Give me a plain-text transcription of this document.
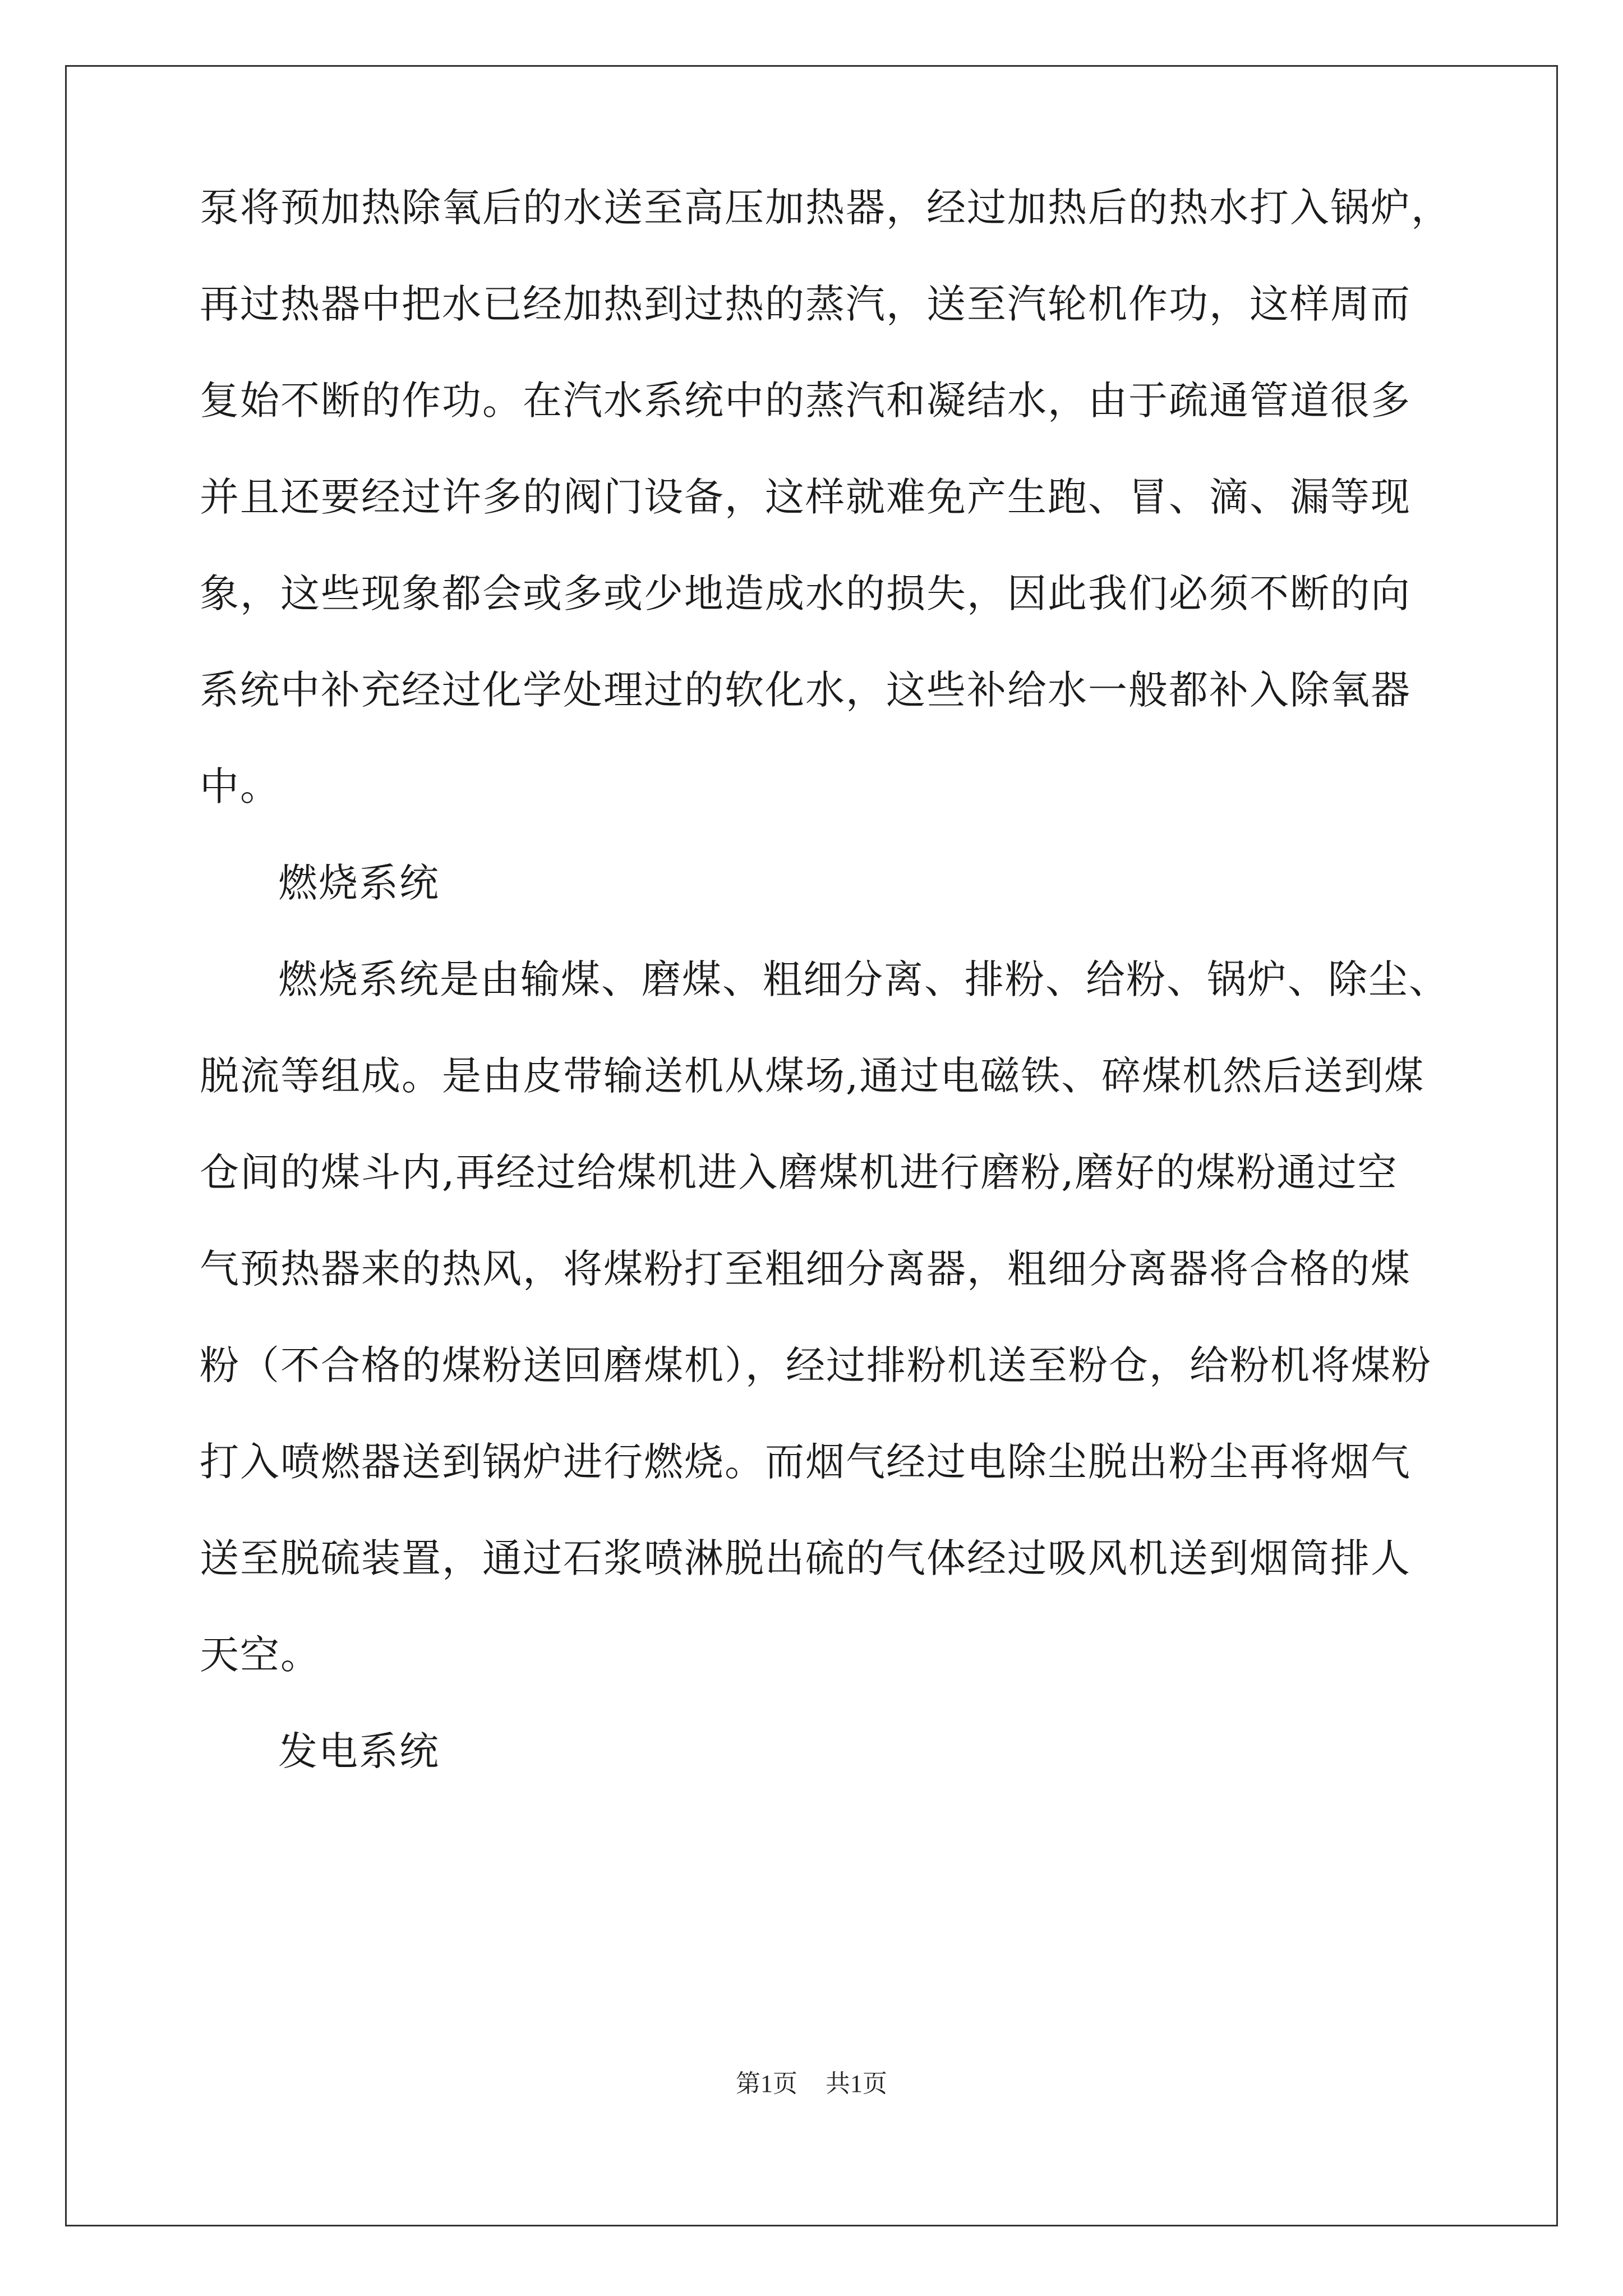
泵将预加热除氧后的水送至高压加热器，经过加热后的热水打入锅炉，
再过热器中把水已经加热到过热的蒸汽，送至汽轮机作功，这样周而
复始不断的作功。在汽水系统中的蒸汽和凝结水，由于疏通管道很多
并且还要经过许多的阀门设备，这样就难免产生跑、冒、滴、漏等现
象，这些现象都会或多或少地造成水的损失，因此我们必须不断的向
系统中补充经过化学处理过的软化水，这些补给水一般都补入除氧器
中。
燃烧系统
燃烧系统是由输煤、磨煤、粗细分离、排粉、给粉、锅炉、除尘、
脱流等组成。是由皮带输送机从煤场,通过电磁铁、碎煤机然后送到煤
仓间的煤斗内,再经过给煤机进入磨煤机进行磨粉,磨好的煤粉通过空
气预热器来的热风，将煤粉打至粗细分离器，粗细分离器将合格的煤
粉（不合格的煤粉送回磨煤机），经过排粉机送至粉仓，给粉机将煤粉
打入喷燃器送到锅炉进行燃烧。而烟气经过电除尘脱出粉尘再将烟气
送至脱硫装置，通过石浆喷淋脱出硫的气体经过吸风机送到烟筒排人
天空。
发电系统
第1页 共1页
